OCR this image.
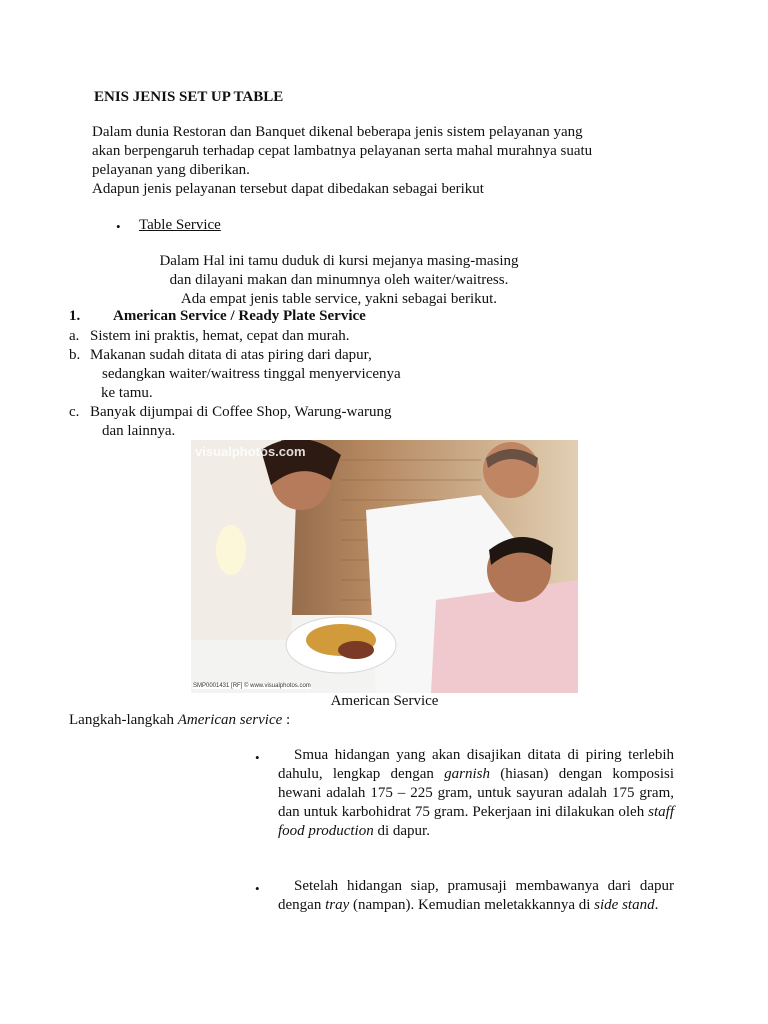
ENIS JENIS SET UP TABLE
Dalam dunia Restoran dan Banquet dikenal beberapa jenis sistem pelayanan yang
akan berpengaruh terhadap cepat lambatnya pelayanan serta mahal murahnya suatu
pelayanan yang diberikan.
Adapun jenis pelayanan tersebut dapat dibedakan sebagai berikut
• Table Service
Dalam Hal ini tamu duduk di kursi mejanya masing-masing
dan dilayani makan dan minumnya oleh waiter/waitress.
Ada empat jenis table service, yakni sebagai berikut.
1. American Service / Ready Plate Service
a. Sistem ini praktis, hemat, cepat dan murah.
b. Makanan sudah ditata di atas piring dari dapur,
sedangkan waiter/waitress tinggal menyervicenya
ke tamu.
c. Banyak dijumpai di Coffee Shop, Warung-warung
dan lainnya.
visualphotos.com
SMP0001431 [RF] © www.visualphotos.com
American Service
Langkah-langkah American service :
•	Smua hidangan yang akan disajikan ditata di piring terlebih dahulu, lengkap dengan garnish (hiasan) dengan komposisi hewani adalah 175 – 225 gram, untuk sayuran adalah 175 gram, dan untuk karbohidrat 75 gram. Pekerjaan ini dilakukan oleh staff food production di dapur.
•	Setelah hidangan siap, pramusaji membawanya dari dapur dengan tray (nampan). Kemudian meletakkannya di side stand.
